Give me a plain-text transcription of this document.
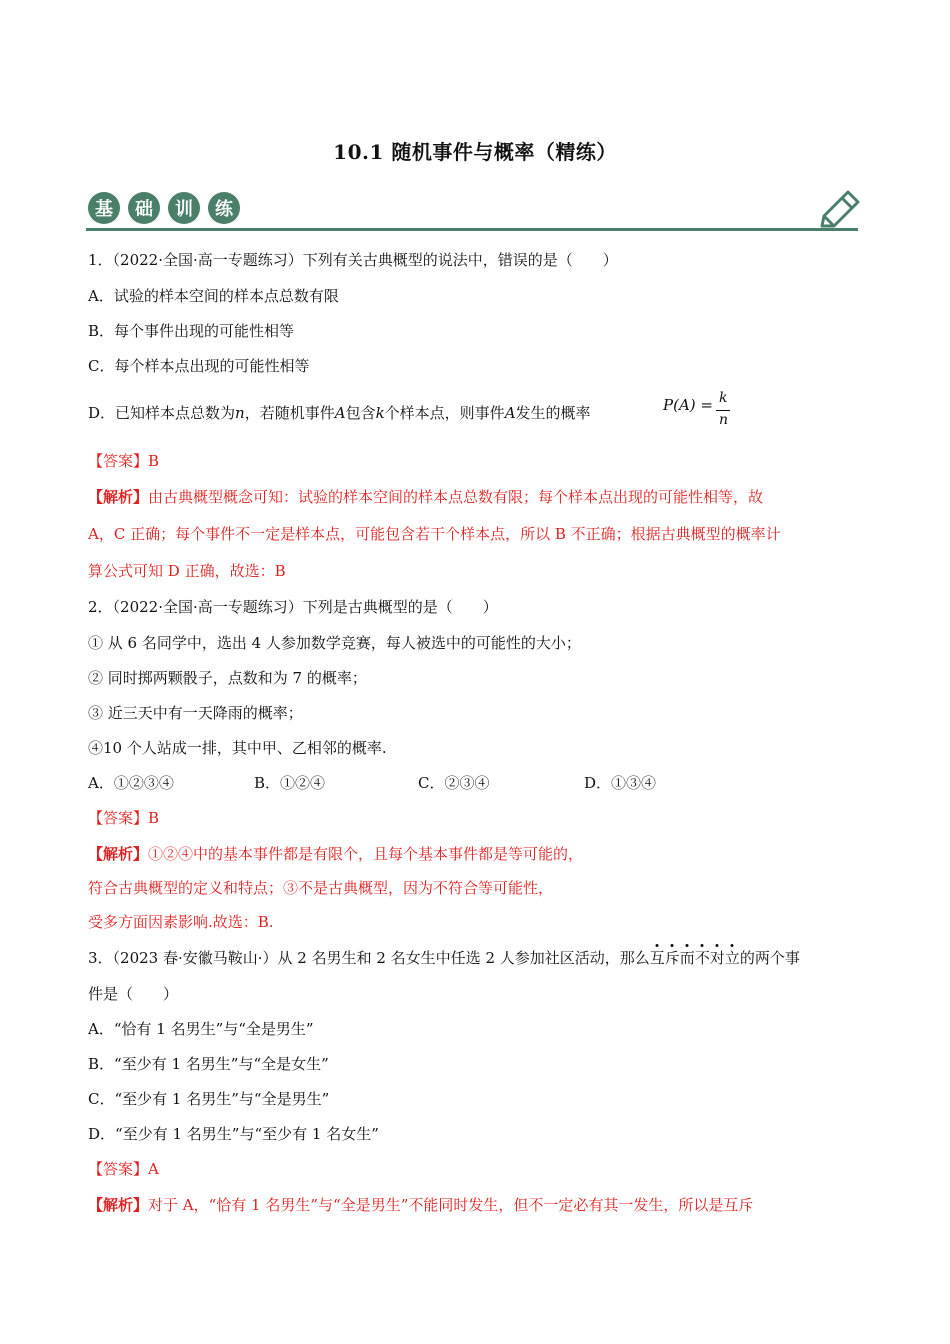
10.1 随机事件与概率（精练）
基	础	训	练
1．（2022·全国·高一专题练习）下列有关古典概型的说法中，错误的是（　　）
A．试验的样本空间的样本点总数有限
B．每个事件出现的可能性相等
C．每个样本点出现的可能性相等
D．已知样本点总数为n，若随机事件A包含k个样本点，则事件A发生的概率	P(A) = k
n
【答案】B
【解析】由古典概型概念可知：试验的样本空间的样本点总数有限；每个样本点出现的可能性相等，故
A，C 正确；每个事件不一定是样本点，可能包含若干个样本点，所以 B 不正确；根据古典概型的概率计
算公式可知 D 正确，故选：B
2．（2022·全国·高一专题练习）下列是古典概型的是（　　）
① 从 6 名同学中，选出 4 人参加数学竞赛，每人被选中的可能性的大小；
② 同时掷两颗骰子，点数和为 7 的概率；
③ 近三天中有一天降雨的概率；
④10 个人站成一排，其中甲、乙相邻的概率.
A．①②③④	B．①②④	C．②③④	D．①③④
【答案】B
【解析】①②④中的基本事件都是有限个，且每个基本事件都是等可能的，
符合古典概型的定义和特点；③不是古典概型，因为不符合等可能性，
受多方面因素影响.故选：B.
3．（2023 春·安徽马鞍山·）从 2 名男生和 2 名女生中任选 2 人参加社区活动，那么互斥而不对立的两个事
件是（　　）
A．“恰有 1 名男生”与“全是男生”
B．“至少有 1 名男生”与“全是女生”
C．“至少有 1 名男生”与“全是男生”
D．“至少有 1 名男生”与“至少有 1 名女生”
【答案】A
【解析】对于 A，“恰有 1 名男生”与“全是男生”不能同时发生，但不一定必有其一发生，所以是互斥
